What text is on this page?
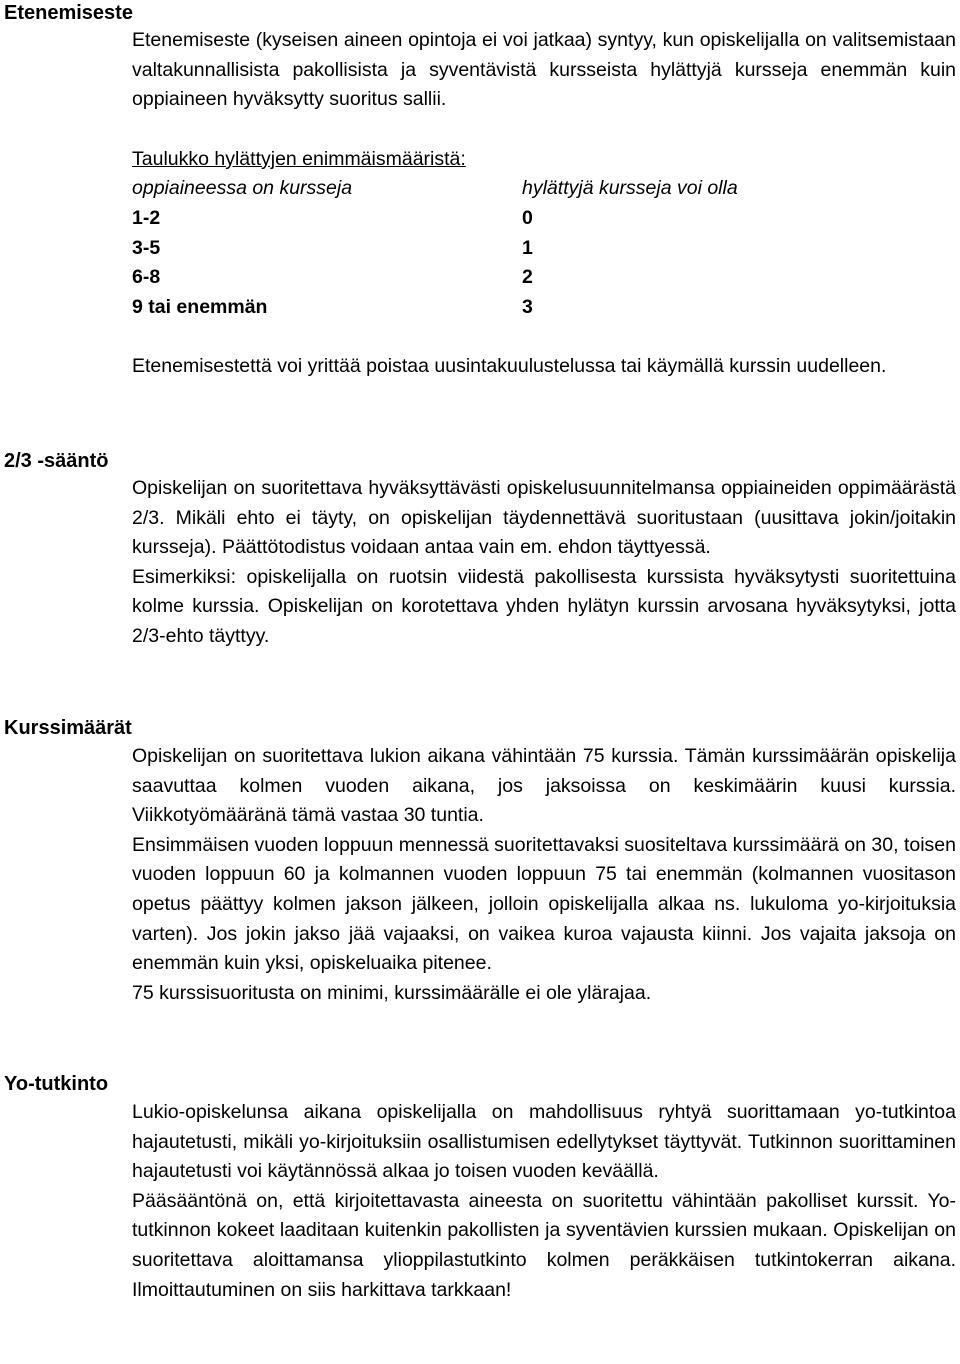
Etenemiseste

Etenemiseste (kyseisen aineen opintoja ei voi jatkaa) syntyy, kun opiskelijalla on valitsemistaan valtakunnallisista pakollisista ja syventävistä kursseista hylättyjä kursseja enemmän kuin oppiaineen hyväksytty suoritus sallii.

Taulukko hylättyjen enimmäismääristä:
oppiaineessa on kursseja	hylättyjä kursseja voi olla
1-2	0
3-5	1
6-8	2
9 tai enemmän	3

Etenemisestettä voi yrittää poistaa uusintakuulustelussa tai käymällä kurssin uudelleen.

2/3 -sääntö

Opiskelijan on suoritettava hyväksyttävästi opiskelusuunnitelmansa oppiaineiden oppimäärästä 2/3. Mikäli ehto ei täyty, on opiskelijan täydennettävä suoritustaan (uusittava jokin/joitakin kursseja). Päättötodistus voidaan antaa vain em. ehdon täyttyessä.

Esimerkiksi: opiskelijalla on ruotsin viidestä pakollisesta kurssista hyväksytysti suoritettuina kolme kurssia. Opiskelijan on korotettava yhden hylätyn kurssin arvosana hyväksytyksi, jotta 2/3-ehto täyttyy.

Kurssimäärät

Opiskelijan on suoritettava lukion aikana vähintään 75 kurssia. Tämän kurssimäärän opiskelija saavuttaa kolmen vuoden aikana, jos jaksoissa on keskimäärin kuusi kurssia. Viikkotyömääränä tämä vastaa 30 tuntia.

Ensimmäisen vuoden loppuun mennessä suoritettavaksi suositeltava kurssimäärä on 30, toisen vuoden loppuun 60 ja kolmannen vuoden loppuun 75 tai enemmän (kolmannen vuositason opetus päättyy kolmen jakson jälkeen, jolloin opiskelijalla alkaa ns. lukuloma yo-kirjoituksia varten). Jos jokin jakso jää vajaaksi, on vaikea kuroa vajausta kiinni. Jos vajaita jaksoja on enemmän kuin yksi, opiskeluaika pitenee.

75 kurssisuoritusta on minimi, kurssimäärälle ei ole ylärajaa.

Yo-tutkinto

Lukio-opiskelunsa aikana opiskelijalla on mahdollisuus ryhtyä suorittamaan yo-tutkintoa hajautetusti, mikäli yo-kirjoituksiin osallistumisen edellytykset täyttyvät. Tutkinnon suorittaminen hajautetusti voi käytännössä alkaa jo toisen vuoden keväällä.

Pääsääntönä on, että kirjoitettavasta aineesta on suoritettu vähintään pakolliset kurssit. Yo-tutkinnon kokeet laaditaan kuitenkin pakollisten ja syventävien kurssien mukaan. Opiskelijan on suoritettava aloittamansa ylioppilastutkinto kolmen peräkkäisen tutkintokerran aikana. Ilmoittautuminen on siis harkittava tarkkaan!
